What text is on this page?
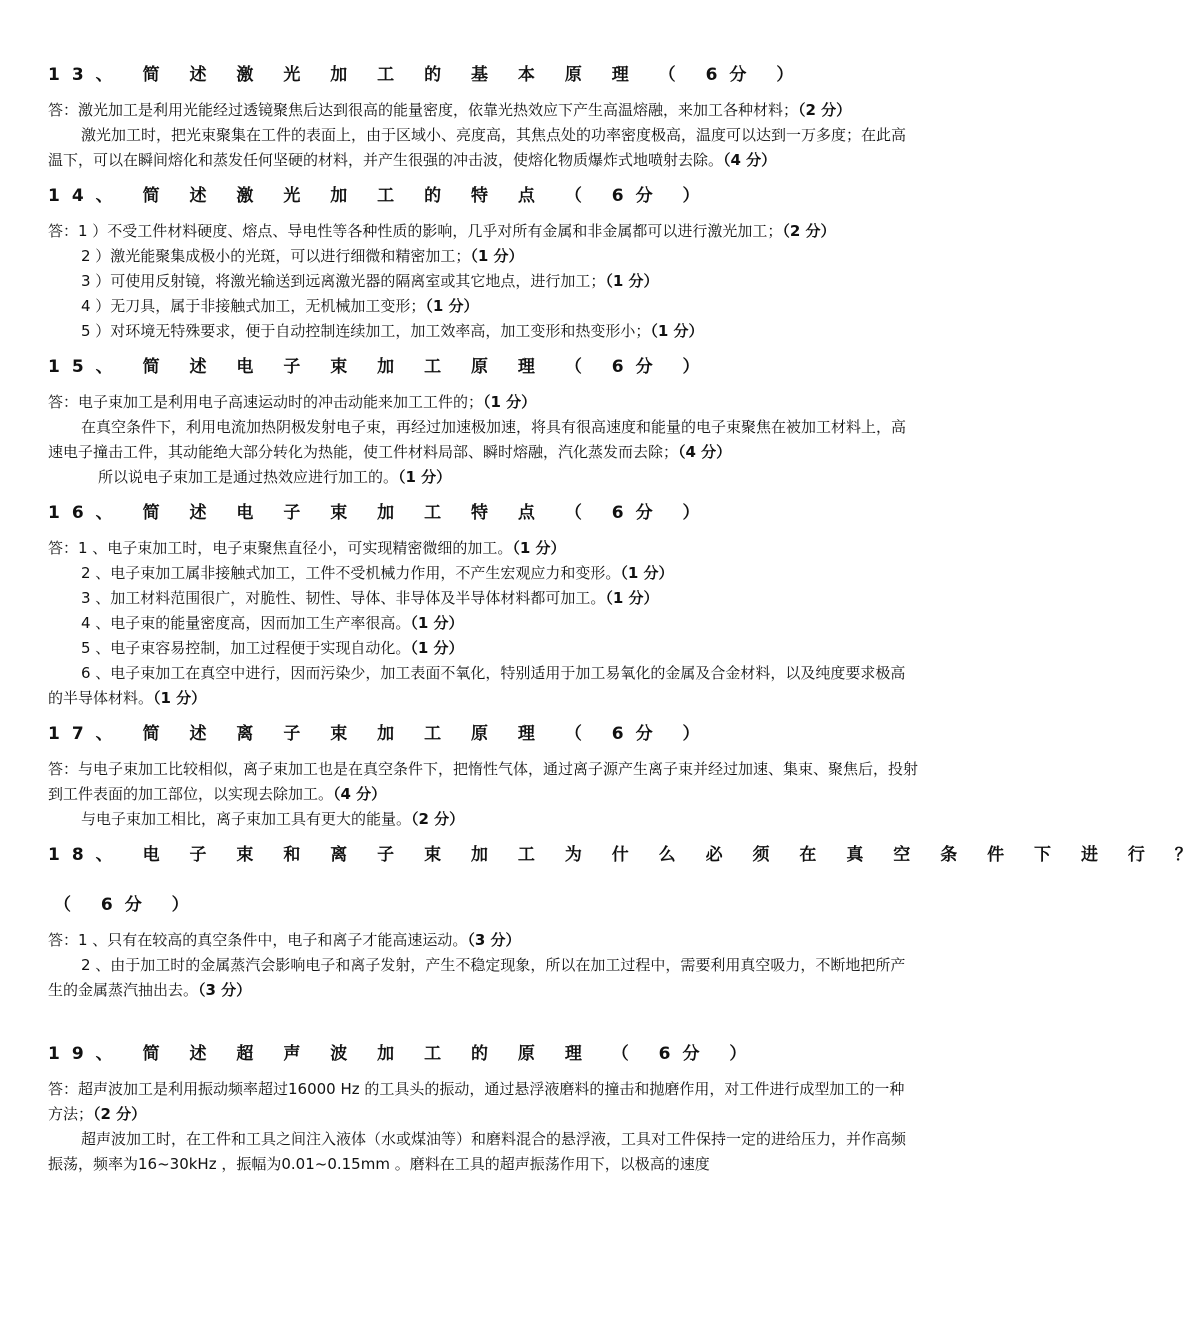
13、 简 述 激 光 加 工 的 基 本 原 理 （ 6分 ）

答：激光加工是利用光能经过透镜聚焦后达到很高的能量密度，依靠光热效应下产生高温熔融，来加工各种材料；（2 分）

激光加工时，把光束聚集在工件的表面上，由于区域小、亮度高，其焦点处的功率密度极高，温度可以达到一万多度；在此高温下，可以在瞬间熔化和蒸发任何坚硬的材料，并产生很强的冲击波，使熔化物质爆炸式地喷射去除。（4 分）

14、 简 述 激 光 加 工 的 特 点 （ 6分 ）

答：1 ）不受工件材料硬度、熔点、导电性等各种性质的影响，几乎对所有金属和非金属都可以进行激光加工；（2 分）

2 ）激光能聚集成极小的光斑，可以进行细微和精密加工；（1 分）

3 ）可使用反射镜，将激光输送到远离激光器的隔离室或其它地点，进行加工；（1 分）

4 ）无刀具，属于非接触式加工，无机械加工变形；（1 分）

5 ）对环境无特殊要求，便于自动控制连续加工，加工效率高，加工变形和热变形小；（1 分）

15、 简 述 电 子 束 加 工 原 理 （ 6分 ）

答：电子束加工是利用电子高速运动时的冲击动能来加工工件的；（1 分）

在真空条件下，利用电流加热阴极发射电子束，再经过加速极加速，将具有很高速度和能量的电子束聚焦在被加工材料上，高速电子撞击工件，其动能绝大部分转化为热能，使工件材料局部、瞬时熔融，汽化蒸发而去除；（4 分）

所以说电子束加工是通过热效应进行加工的。（1 分）

16、 简 述 电 子 束 加 工 特 点 （ 6分 ）

答：1 、电子束加工时，电子束聚焦直径小，可实现精密微细的加工。（1 分）

2 、电子束加工属非接触式加工，工件不受机械力作用，不产生宏观应力和变形。（1 分）

3 、加工材料范围很广，对脆性、韧性、导体、非导体及半导体材料都可加工。（1 分）

4 、电子束的能量密度高，因而加工生产率很高。（1 分）

5 、电子束容易控制，加工过程便于实现自动化。（1 分）

6 、电子束加工在真空中进行，因而污染少，加工表面不氧化，特别适用于加工易氧化的金属及合金材料，以及纯度要求极高的半导体材料。（1 分）

17、 简 述 离 子 束 加 工 原 理 （ 6分 ）

答：与电子束加工比较相似，离子束加工也是在真空条件下，把惰性气体，通过离子源产生离子束并经过加速、集束、聚焦后，投射到工件表面的加工部位，以实现去除加工。（4 分）

与电子束加工相比，离子束加工具有更大的能量。（2 分）

18、 电 子 束 和 离 子 束 加 工 为 什 么 必 须 在 真 空 条 件 下 进 行 ？
（ 6分 ）

答：1 、只有在较高的真空条件中，电子和离子才能高速运动。（3 分）

2 、由于加工时的金属蒸汽会影响电子和离子发射，产生不稳定现象，所以在加工过程中，需要利用真空吸力，不断地把所产生的金属蒸汽抽出去。（3 分）

19、 简 述 超 声 波 加 工 的 原 理 （ 6分 ）

答：超声波加工是利用振动频率超过16000 Hz 的工具头的振动，通过悬浮液磨料的撞击和抛磨作用，对工件进行成型加工的一种方法；（2 分）

超声波加工时，在工件和工具之间注入液体（水或煤油等）和磨料混合的悬浮液，工具对工件保持一定的进给压力，并作高频振荡，频率为16~30kHz ，振幅为0.01~0.15mm 。磨料在工具的超声振荡作用下，以极高的速度
